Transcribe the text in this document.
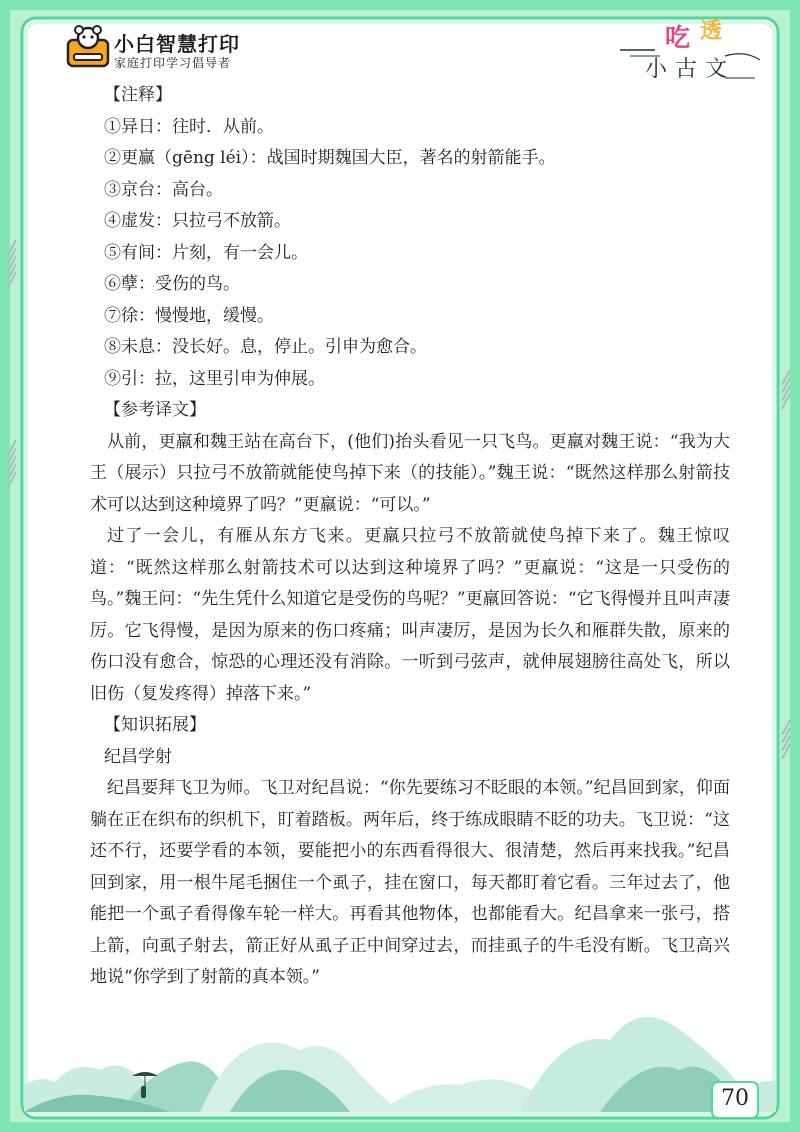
小白智慧打印
家庭打印学习倡导者
吃 透
小古文
【注释】
①异日：往时．从前。
②更赢（gēng léi）：战国时期魏国大臣，著名的射箭能手。
③京台：高台。
④虚发：只拉弓不放箭。
⑤有间：片刻，有一会儿。
⑥孽：受伤的鸟。
⑦徐：慢慢地，缓慢。
⑧未息：没长好。息，停止。引申为愈合。
⑨引：拉，这里引申为伸展。
【参考译文】

从前，更羸和魏王站在高台下，(他们)抬头看见一只飞鸟。更羸对魏王说：“我为大王（展示）只拉弓不放箭就能使鸟掉下来（的技能）。”魏王说：“既然这样那么射箭技术可以达到这种境界了吗？”更羸说：“可以。”

过了一会儿，有雁从东方飞来。更羸只拉弓不放箭就使鸟掉下来了。魏王惊叹道：“既然这样那么射箭技术可以达到这种境界了吗？”更羸说：“这是一只受伤的鸟。”魏王问：“先生凭什么知道它是受伤的鸟呢？”更羸回答说：“它飞得慢并且叫声凄厉。它飞得慢，是因为原来的伤口疼痛；叫声凄厉，是因为长久和雁群失散，原来的伤口没有愈合，惊恐的心理还没有消除。一听到弓弦声，就伸展翅膀往高处飞，所以旧伤（复发疼得）掉落下来。”

【知识拓展】
纪昌学射

纪昌要拜飞卫为师。飞卫对纪昌说：“你先要练习不眨眼的本领。”纪昌回到家，仰面躺在正在织布的织机下，盯着踏板。两年后，终于练成眼睛不眨的功夫。飞卫说：“这还不行，还要学看的本领，要能把小的东西看得很大、很清楚，然后再来找我。”纪昌回到家，用一根牛尾毛捆住一个虱子，挂在窗口，每天都盯着它看。三年过去了，他能把一个虱子看得像车轮一样大。再看其他物体，也都能看大。纪昌拿来一张弓，搭上箭，向虱子射去，箭正好从虱子正中间穿过去，而挂虱子的牛毛没有断。飞卫高兴地说“你学到了射箭的真本领。”

70
